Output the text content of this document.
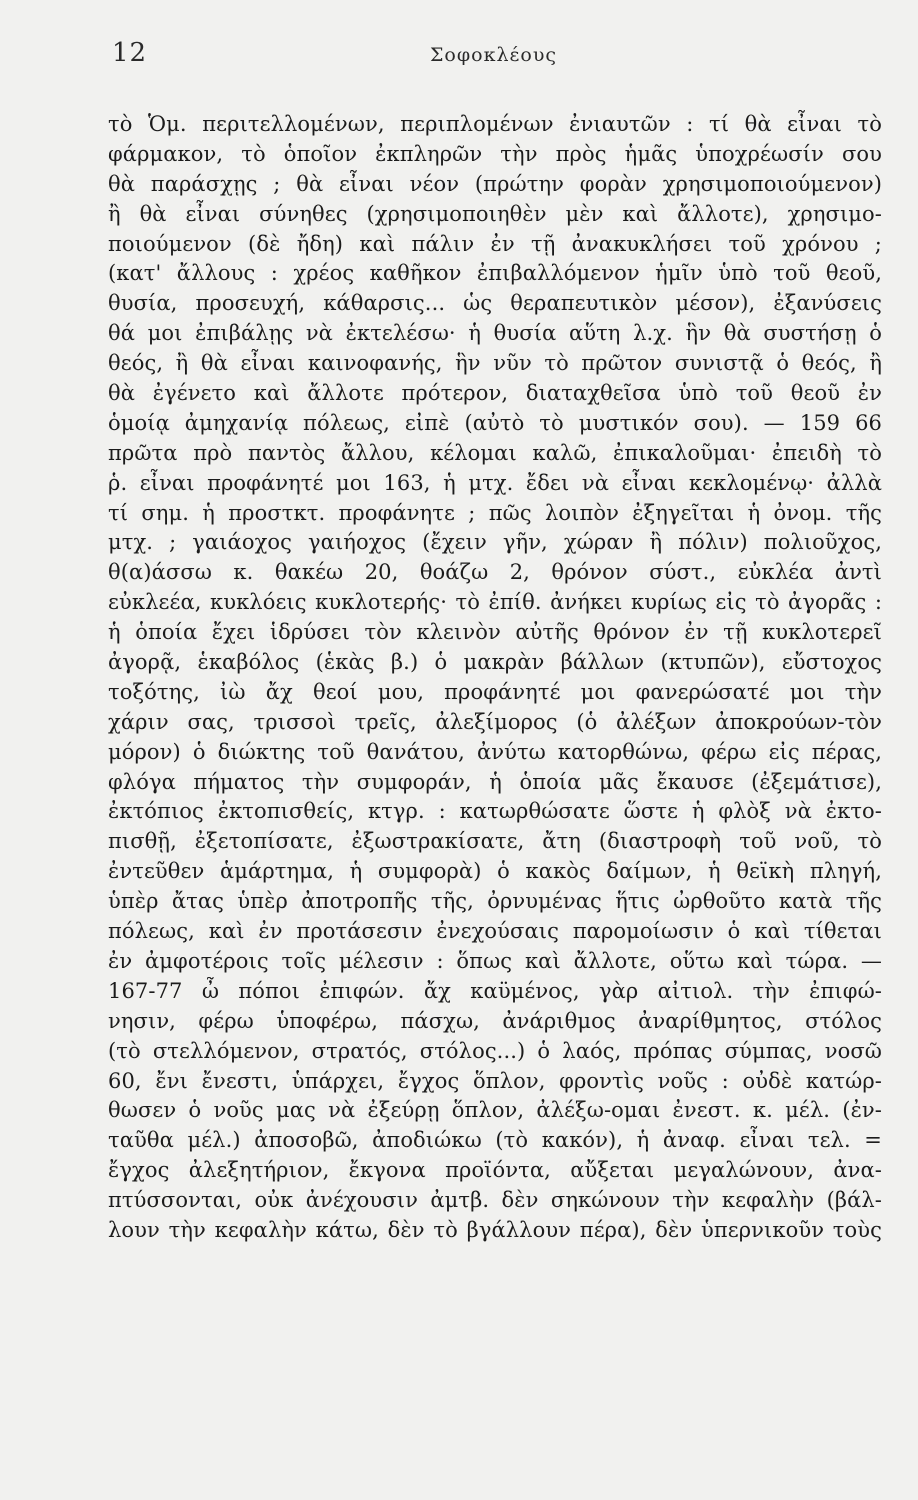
12	Σοφοκλέους
τὸ Ὁμ. περιτελλομένων, περιπλομένων ἐνιαυτῶν : τί θὰ εἶναι τὸ
φάρμακον, τὸ ὁποῖον ἐκπληρῶν τὴν πρὸς ἡμᾶς ὑποχρέωσίν σου
θὰ παράσχῃς ; θὰ εἶναι νέον (πρώτην φορὰν χρησιμοποιούμενον)
ἢ θὰ εἶναι σύνηθες (χρησιμοποιηθὲν μὲν καὶ ἄλλοτε), χρησιμο-
ποιούμενον (δὲ ἤδη) καὶ πάλιν ἐν τῇ ἀνακυκλήσει τοῦ χρόνου ;
(κατ' ἄλλους : χρέος καθῆκον ἐπιβαλλόμενον ἡμῖν ὑπὸ τοῦ θεοῦ,
θυσία, προσευχή, κάθαρσις... ὡς θεραπευτικὸν μέσον), ἐξανύσεις
θά μοι ἐπιβάλῃς νὰ ἐκτελέσω· ἡ θυσία αὕτη λ.χ. ἣν θὰ συστήσῃ ὁ
θεός, ἢ θὰ εἶναι καινοφανής, ἣν νῦν τὸ πρῶτον συνιστᾷ ὁ θεός, ἢ
θὰ ἐγένετο καὶ ἄλλοτε πρότερον, διαταχθεῖσα ὑπὸ τοῦ θεοῦ ἐν
ὁμοίᾳ ἀμηχανίᾳ πόλεως, εἰπὲ (αὐτὸ τὸ μυστικόν σου). — 159 66
πρῶτα πρὸ παντὸς ἄλλου, κέλομαι καλῶ, ἐπικαλοῦμαι· ἐπειδὴ τὸ
ῥ. εἶναι προφάνητέ μοι 163, ἡ μτχ. ἔδει νὰ εἶναι κεκλομένῳ· ἀλλὰ
τί σημ. ἡ προστκτ. προφάνητε ; πῶς λοιπὸν ἐξηγεῖται ἡ ὀνομ. τῆς
μτχ. ; γαιάοχος γαιήοχος (ἔχειν γῆν, χώραν ἢ πόλιν) πολιοῦχος,
θ(α)άσσω κ. θακέω 20, θοάζω 2, θρόνον σύστ., εὐκλέα ἀντὶ
εὐκλεέα, κυκλόεις κυκλοτερής· τὸ ἐπίθ. ἀνήκει κυρίως εἰς τὸ ἀγορᾶς :
ἡ ὁποία ἔχει ἱδρύσει τὸν κλεινὸν αὐτῆς θρόνον ἐν τῇ κυκλοτερεῖ
ἀγορᾷ, ἑκαβόλος (ἑκὰς β.) ὁ μακρὰν βάλλων (κτυπῶν), εὔστοχος
τοξότης, ἰὼ ἄχ θεοί μου, προφάνητέ μοι φανερώσατέ μοι τὴν
χάριν σας, τρισσοὶ τρεῖς, ἀλεξίμορος (ὁ ἀλέξων ἀποκρούων-τὸν
μόρον) ὁ διώκτης τοῦ θανάτου, ἀνύτω κατορθώνω, φέρω εἰς πέρας,
φλόγα πήματος τὴν συμφοράν, ἡ ὁποία μᾶς ἔκαυσε (ἐξεμάτισε),
ἐκτόπιος ἐκτοπισθείς, κτγρ. : κατωρθώσατε ὥστε ἡ φλὸξ νὰ ἐκτο-
πισθῇ, ἐξετοπίσατε, ἐξωστρακίσατε, ἄτη (διαστροφὴ τοῦ νοῦ, τὸ
ἐντεῦθεν ἁμάρτημα, ἡ συμφορὰ) ὁ κακὸς δαίμων, ἡ θεϊκὴ πληγή,
ὑπὲρ ἄτας ὑπὲρ ἀποτροπῆς τῆς, ὀρνυμένας ἥτις ὠρθοῦτο κατὰ τῆς
πόλεως, καὶ ἐν προτάσεσιν ἐνεχούσαις παρομοίωσιν ὁ καὶ τίθεται
ἐν ἀμφοτέροις τοῖς μέλεσιν : ὅπως καὶ ἄλλοτε, οὕτω καὶ τώρα. —
167-77 ὦ πόποι ἐπιφών. ἄχ καϋμένος, γὰρ αἰτιολ. τὴν ἐπιφώ-
νησιν, φέρω ὑποφέρω, πάσχω, ἀνάριθμος ἀναρίθμητος, στόλος
(τὸ στελλόμενον, στρατός, στόλος...) ὁ λαός, πρόπας σύμπας, νοσῶ
60, ἔνι ἔνεστι, ὑπάρχει, ἔγχος ὅπλον, φροντὶς νοῦς : οὐδὲ κατώρ-
θωσεν ὁ νοῦς μας νὰ ἐξεύρῃ ὅπλον, ἀλέξω-ομαι ἐνεστ. κ. μέλ. (ἐν-
ταῦθα μέλ.) ἀποσοβῶ, ἀποδιώκω (τὸ κακόν), ἡ ἀναφ. εἶναι τελ. =
ἔγχος ἀλεξητήριον, ἔκγονα προϊόντα, αὔξεται μεγαλώνουν, ἀνα-
πτύσσονται, οὐκ ἀνέχουσιν ἀμτβ. δὲν σηκώνουν τὴν κεφαλὴν (βάλ-
λουν τὴν κεφαλὴν κάτω, δὲν τὸ βγάλλουν πέρα), δὲν ὑπερνικοῦν τοὺς
